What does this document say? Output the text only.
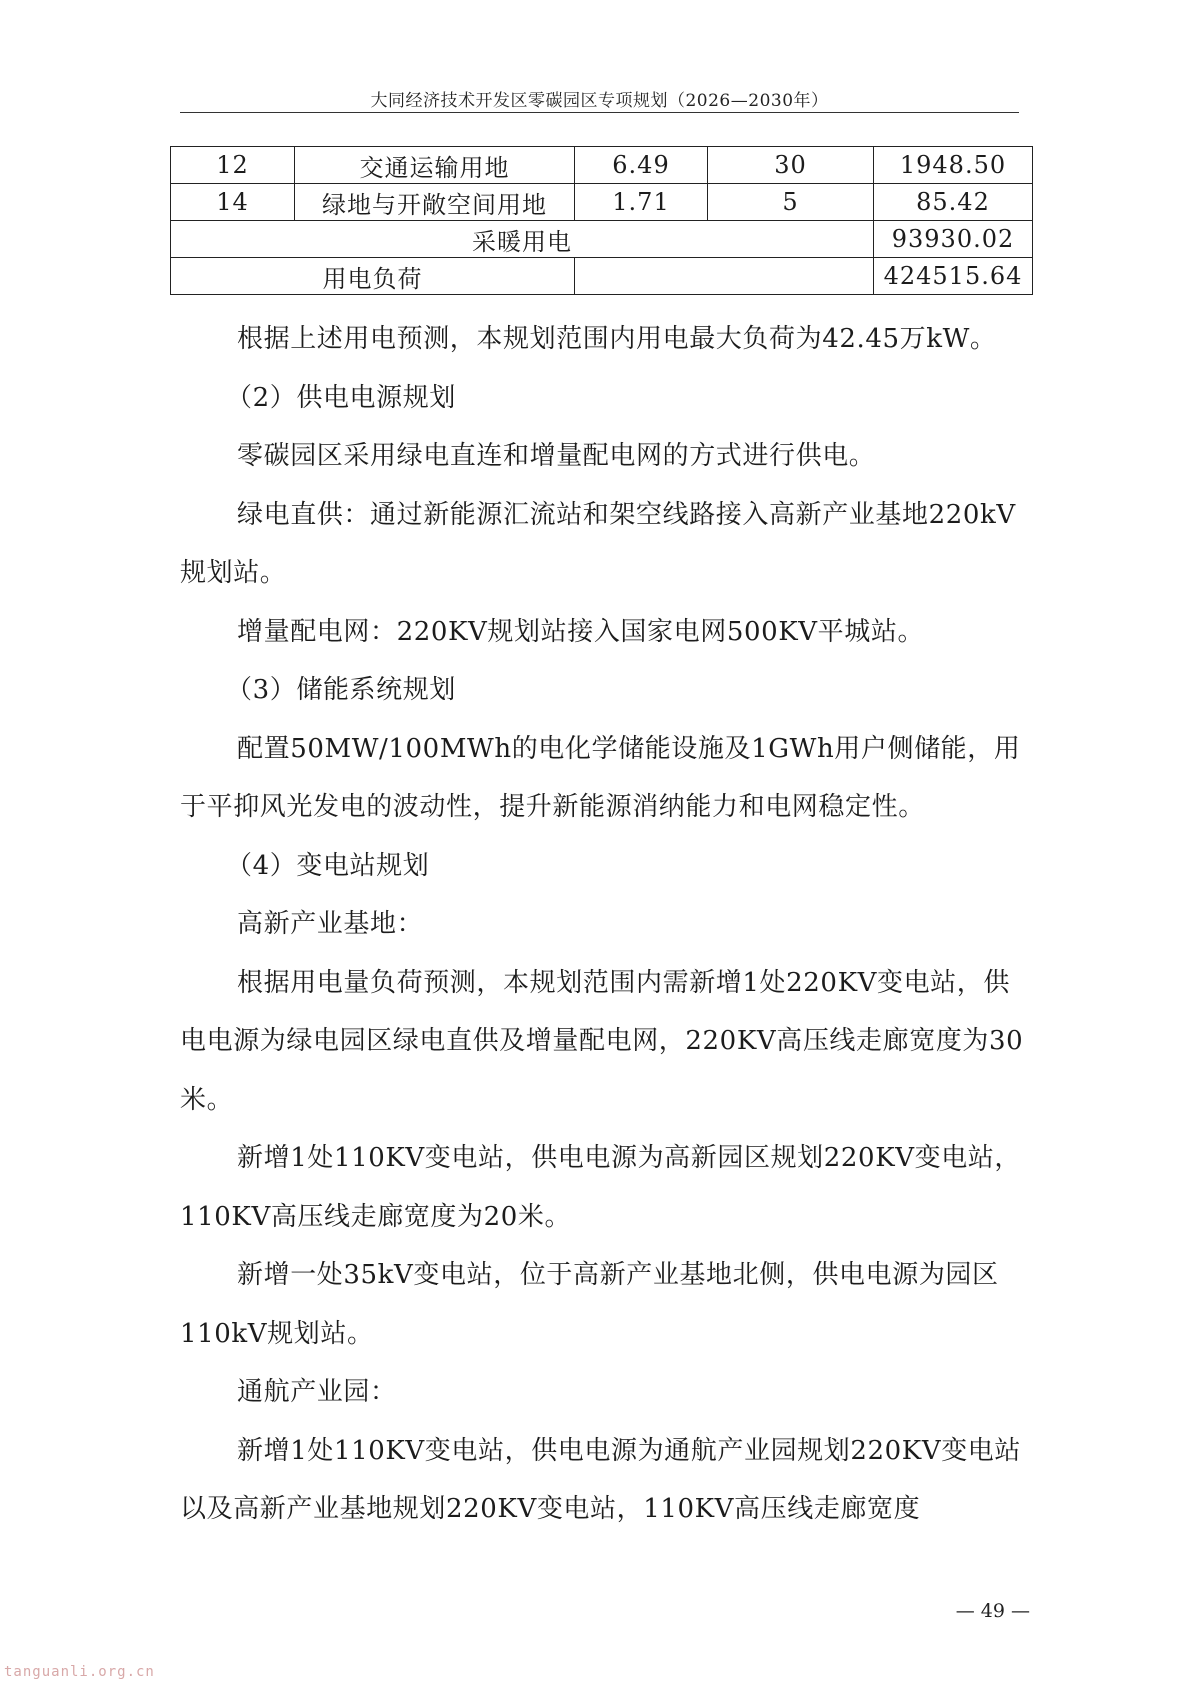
大同经济技术开发区零碳园区专项规划（2026—2030年）
12	交通运输用地	6.49	30	1948.50
14	绿地与开敞空间用地	1.71	5	85.42
采暖用电				93930.02
用电负荷				424515.64

根据上述用电预测，本规划范围内用电最大负荷为42.45万kW。

（2）供电电源规划

零碳园区采用绿电直连和增量配电网的方式进行供电。

绿电直供：通过新能源汇流站和架空线路接入高新产业基地220kV规划站。

增量配电网：220KV规划站接入国家电网500KV平城站。

（3）储能系统规划

配置50MW/100MWh的电化学储能设施及1GWh用户侧储能，用于平抑风光发电的波动性，提升新能源消纳能力和电网稳定性。

（4）变电站规划

高新产业基地：

根据用电量负荷预测，本规划范围内需新增1处220KV变电站，供电电源为绿电园区绿电直供及增量配电网，220KV高压线走廊宽度为30米。

新增1处110KV变电站，供电电源为高新园区规划220KV变电站，110KV高压线走廊宽度为20米。

新增一处35kV变电站，位于高新产业基地北侧，供电电源为园区110kV规划站。

通航产业园：

新增1处110KV变电站，供电电源为通航产业园规划220KV变电站以及高新产业基地规划220KV变电站，110KV高压线走廊宽度

— 49 —
tanguanli.org.cn
